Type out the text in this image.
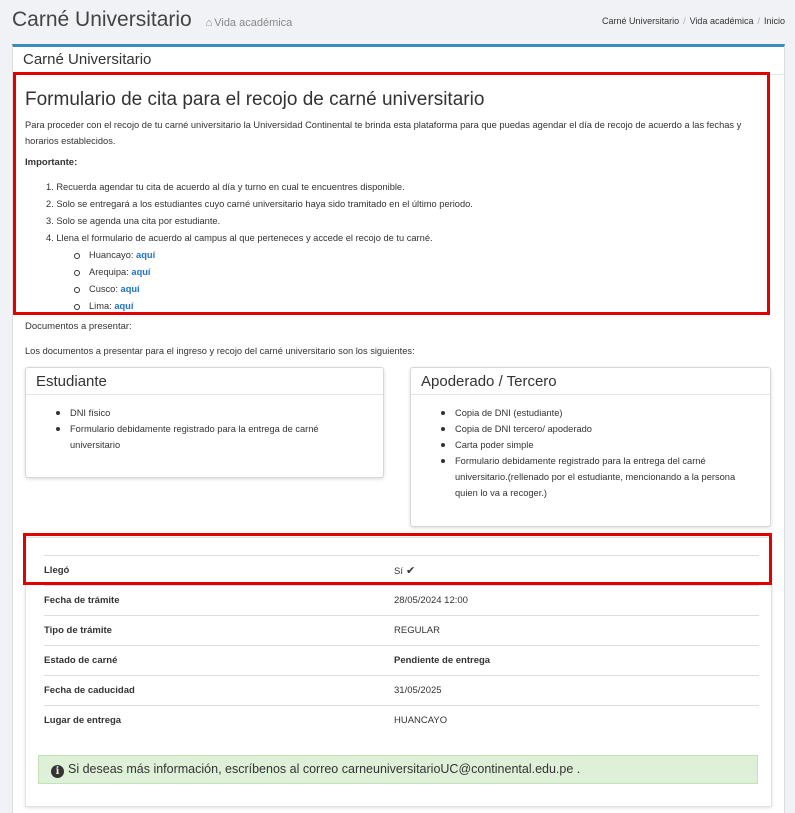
Carné Universitario ⌂ Vida académica	Carné Universitario / Vida académica / Inicio
Carné Universitario
Formulario de cita para el recojo de carné universitario
Para proceder con el recojo de tu carné universitario la Universidad Continental te brinda esta plataforma para que puedas agendar el día de recojo de acuerdo a las fechas y horarios establecidos.
Importante:
1. Recuerda agendar tu cita de acuerdo al día y turno en cual te encuentres disponible.
2. Solo se entregará a los estudiantes cuyo carné universitario haya sido tramitado en el último periodo.
3. Solo se agenda una cita por estudiante.
4. Llena el formulario de acuerdo al campus al que perteneces y accede el recojo de tu carné.
Huancayo: aquí
Arequipa: aquí
Cusco: aquí
Lima: aquí
Documentos a presentar:
Los documentos a presentar para el ingreso y recojo del carné universitario son los siguientes:
Estudiante
DNI físico
Formulario debidamente registrado para la entrega de carné universitario
Apoderado / Tercero
Copia de DNI (estudiante)
Copia de DNI tercero/ apoderado
Carta poder simple
Formulario debidamente registrado para la entrega del carné universitario.(rellenado por el estudiante, mencionando a la persona quien lo va a recoger.)
Llegó	Sí ✔
Fecha de trámite	28/05/2024 12:00
Tipo de trámite	REGULAR
Estado de carné	Pendiente de entrega
Fecha de caducidad	31/05/2025
Lugar de entrega	HUANCAYO
i Si deseas más información, escríbenos al correo carneuniversitarioUC@continental.edu.pe .
